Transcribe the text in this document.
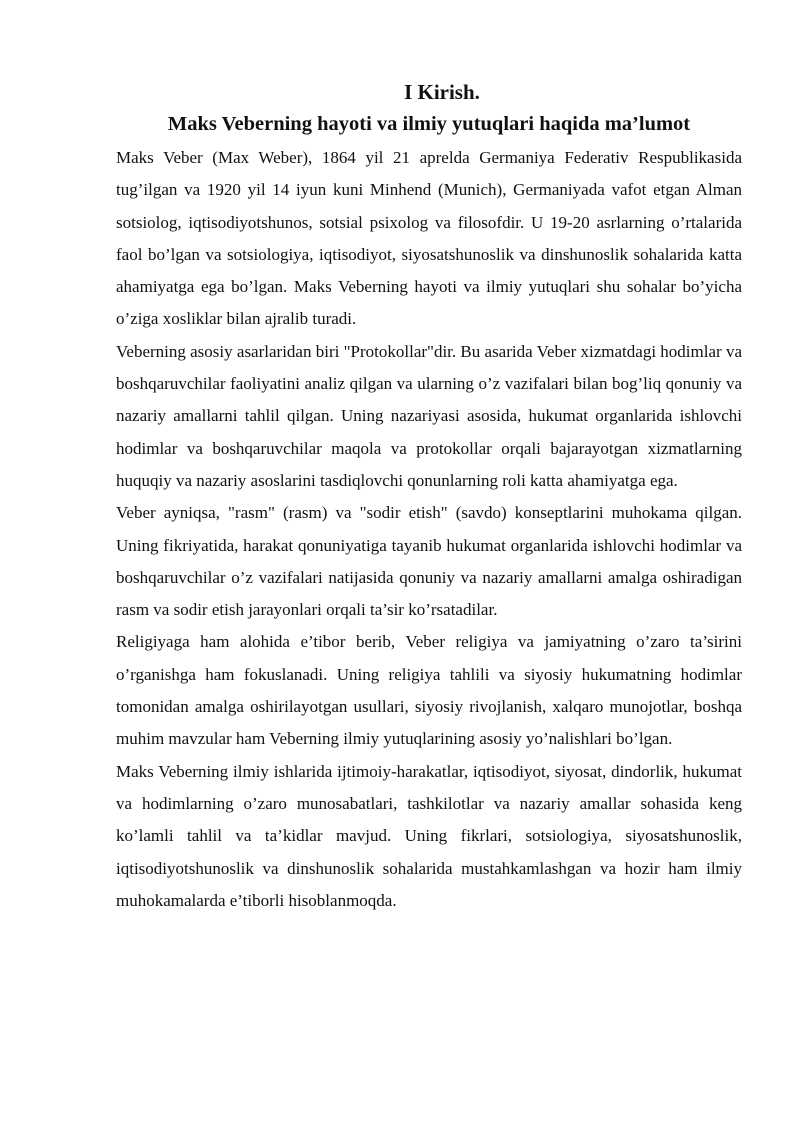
I Kirish.
Maks Veberning hayoti va ilmiy yutuqlari haqida ma’lumot

Maks Veber (Max Weber), 1864 yil 21 aprelda Germaniya Federativ Respublikasida tug’ilgan va 1920 yil 14 iyun kuni Minhend (Munich), Germaniyada vafot etgan Alman sotsiolog, iqtisodiyotshunos, sotsial psixolog va filosofdir. U 19-20 asrlarning o’rtalarida faol bo’lgan va sotsiologiya, iqtisodiyot, siyosatshunoslik va dinshunoslik sohalarida katta ahamiyatga ega bo’lgan. Maks Veberning hayoti va ilmiy yutuqlari shu sohalar bo’yicha o’ziga xosliklar bilan ajralib turadi.

Veberning asosiy asarlaridan biri "Protokollar"dir. Bu asarida Veber xizmatdagi hodimlar va boshqaruvchilar faoliyatini analiz qilgan va ularning o’z vazifalari bilan bog’liq qonuniy va nazariy amallarni tahlil qilgan. Uning nazariyasi asosida, hukumat organlarida ishlovchi hodimlar va boshqaruvchilar maqola va protokollar orqali bajarayotgan xizmatlarning huquqiy va nazariy asoslarini tasdiqlovchi qonunlarning roli katta ahamiyatga ega.

Veber ayniqsa, "rasm" (rasm) va "sodir etish" (savdo) konseptlarini muhokama qilgan. Uning fikriyatida, harakat qonuniyatiga tayanib hukumat organlarida ishlovchi hodimlar va boshqaruvchilar o’z vazifalari natijasida qonuniy va nazariy amallarni amalga oshiradigan rasm va sodir etish jarayonlari orqali ta’sir ko’rsatadilar.

Religiyaga ham alohida e’tibor berib, Veber religiya va jamiyatning o’zaro ta’sirini o’rganishga ham fokuslanadi. Uning religiya tahlili va siyosiy hukumatning hodimlar tomonidan amalga oshirilayotgan usullari, siyosiy rivojlanish, xalqaro munojotlar, boshqa muhim mavzular ham Veberning ilmiy yutuqlarining asosiy yo’nalishlari bo’lgan.

Maks Veberning ilmiy ishlarida ijtimoiy-harakatlar, iqtisodiyot, siyosat, dindorlik, hukumat va hodimlarning o’zaro munosabatlari, tashkilotlar va nazariy amallar sohasida keng ko’lamli tahlil va ta’kidlar mavjud. Uning fikrlari, sotsiologiya, siyosatshunoslik, iqtisodiyotshunoslik va dinshunoslik sohalarida mustahkamlashgan va hozir ham ilmiy muhokamalarda e’tiborli hisoblanmoqda.
